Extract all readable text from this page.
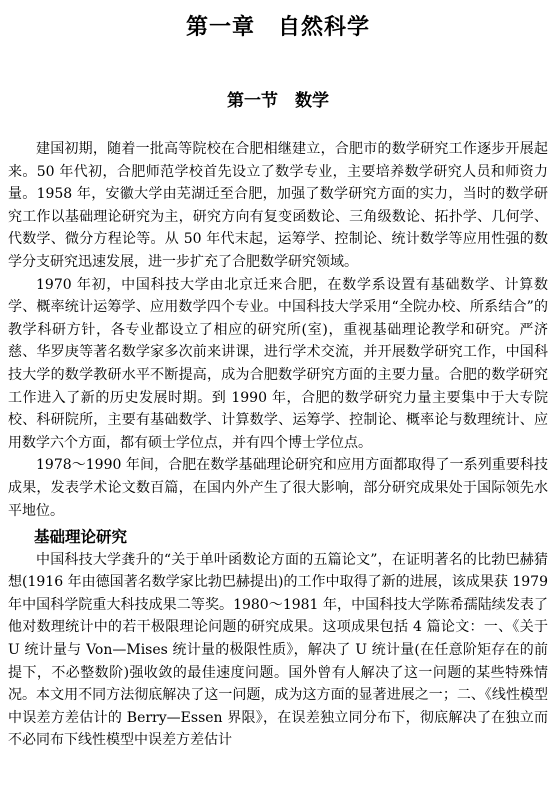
第一章　自然科学
第一节　数学

建国初期，随着一批高等院校在合肥相继建立，合肥市的数学研究工作逐步开展起来。50 年代初，合肥师范学校首先设立了数学专业，主要培养数学研究人员和师资力量。1958 年，安徽大学由芜湖迁至合肥，加强了数学研究方面的实力，当时的数学研究工作以基础理论研究为主，研究方向有复变函数论、三角级数论、拓扑学、几何学、代数学、微分方程论等。从 50 年代末起，运筹学、控制论、统计数学等应用性强的数学分支研究迅速发展，进一步扩充了合肥数学研究领域。

1970 年初，中国科技大学由北京迁来合肥，在数学系设置有基础数学、计算数学、概率统计运筹学、应用数学四个专业。中国科技大学采用“全院办校、所系结合”的教学科研方针，各专业都设立了相应的研究所(室)，重视基础理论教学和研究。严济慈、华罗庚等著名数学家多次前来讲课，进行学术交流，并开展数学研究工作，中国科技大学的数学教研水平不断提高，成为合肥数学研究方面的主要力量。合肥的数学研究工作进入了新的历史发展时期。到 1990 年，合肥的数学研究力量主要集中于大专院校、科研院所，主要有基础数学、计算数学、运筹学、控制论、概率论与数理统计、应用数学六个方面，都有硕士学位点，并有四个博士学位点。

1978～1990 年间，合肥在数学基础理论研究和应用方面都取得了一系列重要科技成果，发表学术论文数百篇，在国内外产生了很大影响，部分研究成果处于国际领先水平地位。

基础理论研究

中国科技大学龚升的“关于单叶函数论方面的五篇论文”，在证明著名的比勃巴赫猜想(1916 年由德国著名数学家比勃巴赫提出)的工作中取得了新的进展，该成果获 1979 年中国科学院重大科技成果二等奖。1980～1981 年，中国科技大学陈希孺陆续发表了他对数理统计中的若干极限理论问题的研究成果。这项成果包括 4 篇论文：一、《关于 U 统计量与 Von—Mises 统计量的极限性质》，解决了 U 统计量(在任意阶矩存在的前提下，不必整数阶)强收敛的最佳速度问题。国外曾有人解决了这一问题的某些特殊情况。本文用不同方法彻底解决了这一问题，成为这方面的显著进展之一；二、《线性模型中误差方差估计的 Berry—Essen 界限》，在误差独立同分布下，彻底解决了在独立而不必同布下线性模型中误差方差估计
